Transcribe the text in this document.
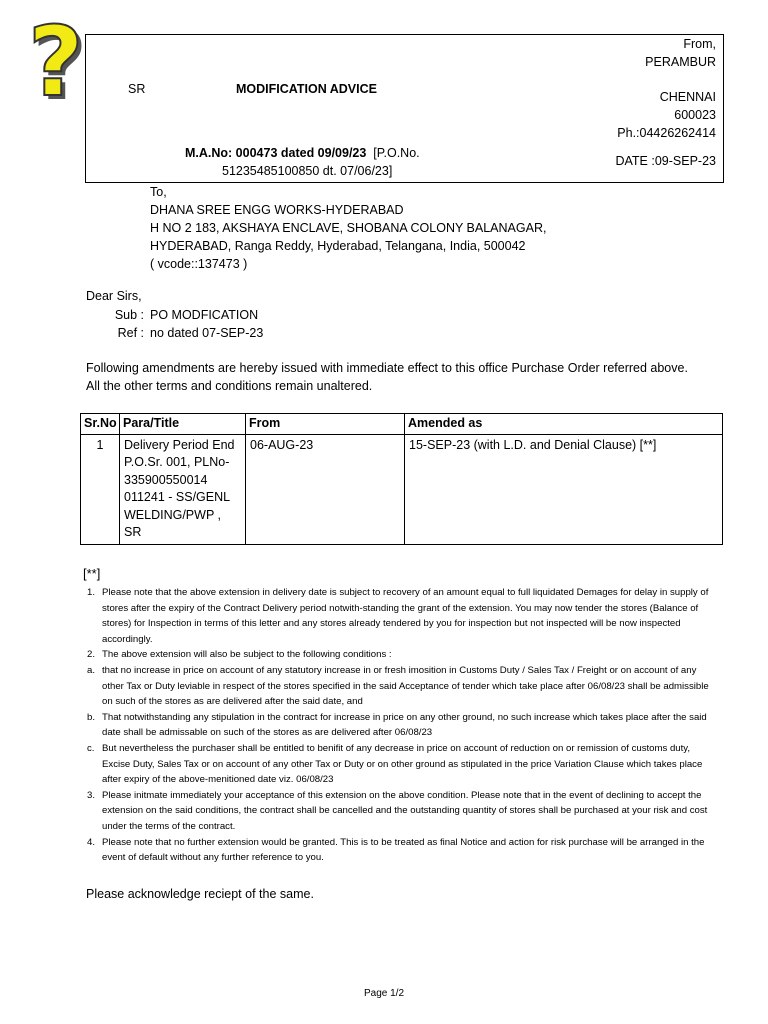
?	SR	MODIFICATION ADVICE
From,
PERAMBUR
CHENNAI
600023
Ph.:04426262414
DATE :09-SEP-23
M.A.No: 000473 dated 09/09/23 [P.O.No.
51235485100850 dt. 07/06/23]
To,
DHANA SREE ENGG WORKS-HYDERABAD
H NO 2 183, AKSHAYA ENCLAVE, SHOBANA COLONY BALANAGAR,
HYDERABAD, Ranga Reddy, Hyderabad, Telangana, India, 500042
( vcode::137473 )
Dear Sirs,
Sub : PO MODFICATION
Ref : no dated 07-SEP-23
Following amendments are hereby issued with immediate effect to this office Purchase Order referred above.
All the other terms and conditions remain unaltered.
Sr.No	Para/Title	From	Amended as
1	Delivery Period End P.O.Sr. 001, PLNo-335900550014 011241 - SS/GENL WELDING/PWP , SR	06-AUG-23	15-SEP-23 (with L.D. and Denial Clause) [**]
[**]
1. Please note that the above extension in delivery date is subject to recovery of an amount equal to full liquidated Demages for delay in supply of stores after the expiry of the Contract Delivery period notwith-standing the grant of the extension. You may now tender the stores (Balance of stores) for Inspection in terms of this letter and any stores already tendered by you for inspection but not inspected will be now inspected accordingly.
2. The above extension will also be subject to the following conditions :
a. that no increase in price on account of any statutory increase in or fresh imosition in Customs Duty / Sales Tax / Freight or on account of any other Tax or Duty leviable in respect of the stores specified in the said Acceptance of tender which take place after 06/08/23 shall be admissible on such of the stores as are delivered after the said date, and
b. That notwithstanding any stipulation in the contract for increase in price on any other ground, no such increase which takes place after the said date shall be admissable on such of the stores as are delivered after 06/08/23
c. But nevertheless the purchaser shall be entitled to benifit of any decrease in price on account of reduction on or remission of customs duty, Excise Duty, Sales Tax or on account of any other Tax or Duty or on other ground as stipulated in the price Variation Clause which takes place after expiry of the above-menitioned date viz. 06/08/23
3. Please initmate immediately your acceptance of this extension on the above condition. Please note that in the event of declining to accept the extension on the said conditions, the contract shall be cancelled and the outstanding quantity of stores shall be purchased at your risk and cost under the terms of the contract.
4. Please note that no further extension would be granted. This is to be treated as final Notice and action for risk purchase will be arranged in the event of default without any further reference to you.
Please acknowledge reciept of the same.
Page 1/2
